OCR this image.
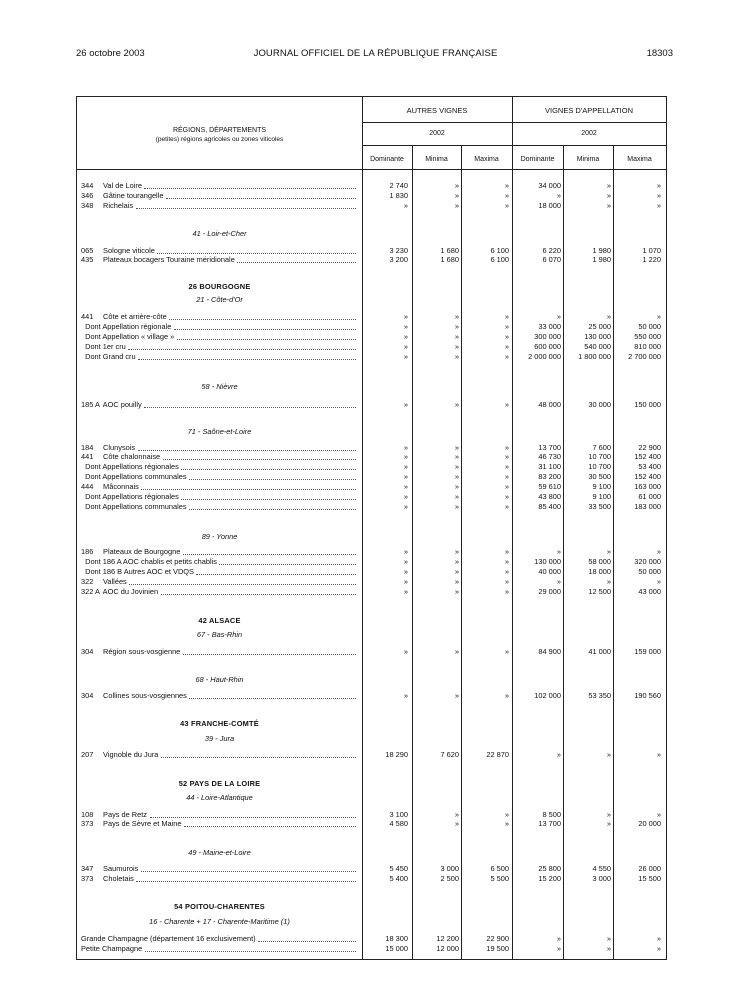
26 octobre 2003	JOURNAL OFFICIEL DE LA RÉPUBLIQUE FRANÇAISE	18303
RÉGIONS, DÉPARTEMENTS
(petites) régions agricoles ou zones viticoles
AUTRES VIGNES	VIGNES D'APPELLATION
2002	2002
Dominante	Minima	Maxima	Dominante	Minima	Maxima
344 Val de Loire	2 740	»	»	34 000	»	»
346 Gâtine tourangelle	1 830	»	»	»	»	»
348 Richelais	»	»	»	18 000	»	»
41 - Loir-et-Cher
065 Sologne viticole	3 230	1 680	6 100	6 220	1 980	1 070
435 Plateaux bocagers Touraine méridionale	3 200	1 680	6 100	6 070	1 980	1 220
26 BOURGOGNE
21 - Côte-d'Or
441 Côte et arrière-côte	»	»	»	»	»	»
Dont Appellation régionale	»	»	»	33 000	25 000	50 000
Dont Appellation « village »	»	»	»	300 000	130 000	550 000
Dont 1er cru	»	»	»	600 000	540 000	810 000
Dont Grand cru	»	»	»	2 000 000	1 800 000	2 700 000
58 - Nièvre
185 A AOC pouilly	»	»	»	48 000	30 000	150 000
71 - Saône-et-Loire
184 Clunysois	»	»	»	13 700	7 600	22 900
441 Côte chalonnaise	»	»	»	46 730	10 700	152 400
Dont Appellations régionales	»	»	»	31 100	10 700	53 400
Dont Appellations communales	»	»	»	83 200	30 500	152 400
444 Mâconnais	»	»	»	59 610	9 100	163 000
Dont Appellations régionales	»	»	»	43 800	9 100	61 000
Dont Appellations communales	»	»	»	85 400	33 500	183 000
89 - Yonne
186 Plateaux de Bourgogne	»	»	»	»	»	»
Dont 186 A AOC chablis et petits chablis	»	»	»	130 000	58 000	320 000
Dont 186 B Autres AOC et VDQS	»	»	»	40 000	18 000	50 000
322 Vallées	»	»	»	»	»	»
322 A AOC du Jovinien	»	»	»	29 000	12 500	43 000
42 ALSACE
67 - Bas-Rhin
304 Région sous-vosgienne	»	»	»	84 900	41 000	159 000
68 - Haut-Rhin
304 Collines sous-vosgiennes	»	»	»	102 000	53 350	190 560
43 FRANCHE-COMTÉ
39 - Jura
207 Vignoble du Jura	18 290	7 620	22 870	»	»	»
52 PAYS DE LA LOIRE
44 - Loire-Atlantique
108 Pays de Retz	3 100	»	»	8 500	»	»
373 Pays de Sèvre et Maine	4 580	»	»	13 700	»	20 000
49 - Maine-et-Loire
347 Saumurois	5 450	3 000	6 500	25 800	4 550	26 000
373 Choletais	5 400	2 500	5 500	15 200	3 000	15 500
54 POITOU-CHARENTES
16 - Charente + 17 - Charente-Maritime (1)
Grande Champagne (département 16 exclusivement)	18 300	12 200	22 900	»	»	»
Petite Champagne	15 000	12 000	19 500	»	»	»
